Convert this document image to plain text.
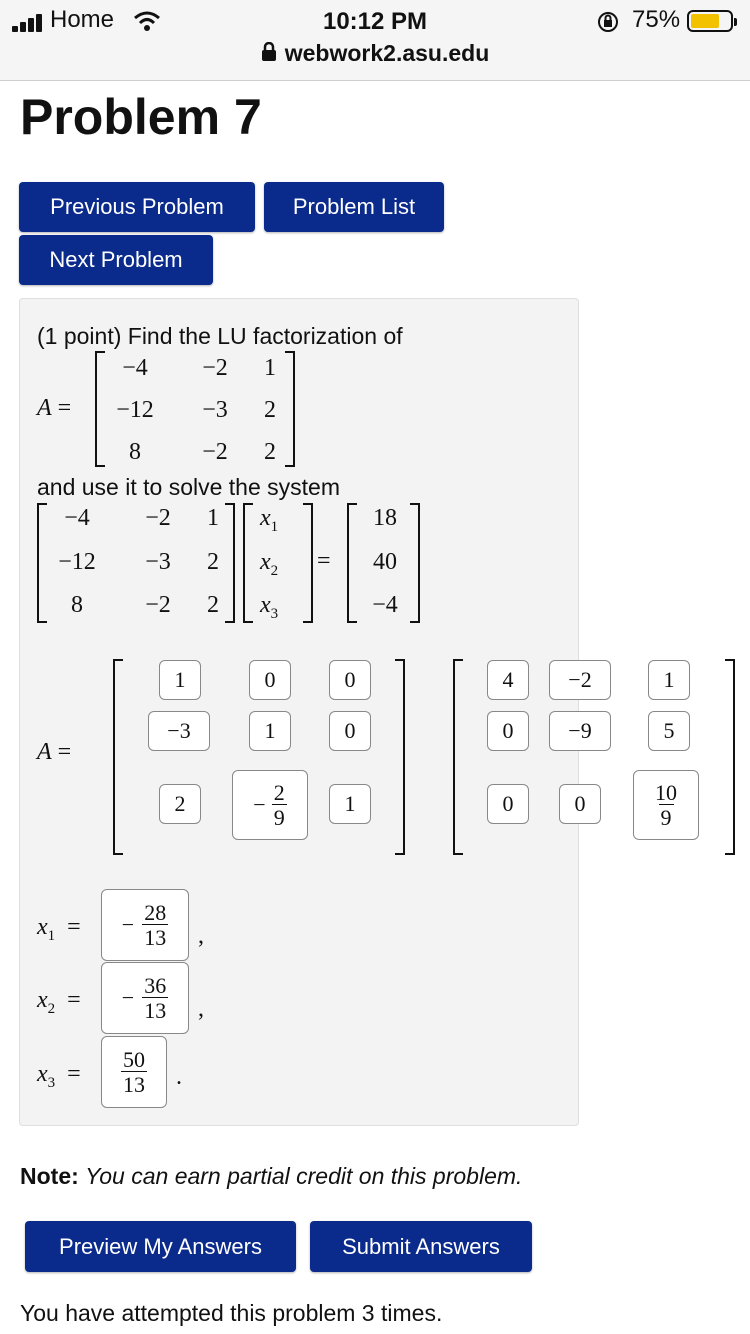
Home	10:12 PM	75%
webwork2.asu.edu
Problem 7
Previous Problem	Problem List
Next Problem
(1 point) Find the LU factorization of
A =
−4	−2	1
−12	−3	2
8	−2	2
and use it to solve the system
−4	−2	1
−12	−3	2
8	−2	2
$x_1$
$x_2$
$x_3$
=
18
40
−4
A =
1	0	0
−3	1	0
2	− $\frac{2}{9}$	1
4	−2	1
0	−9	5
0	0	$\frac{10}{9}$
$x_1$  = − $\frac{28}{13}$ ,
$x_2$  = − $\frac{36}{13}$ ,
$x_3 = \frac{50}{13}$ .
Note: You can earn partial credit on this problem.
Preview My Answers	Submit Answers
You have attempted this problem 3 times.
